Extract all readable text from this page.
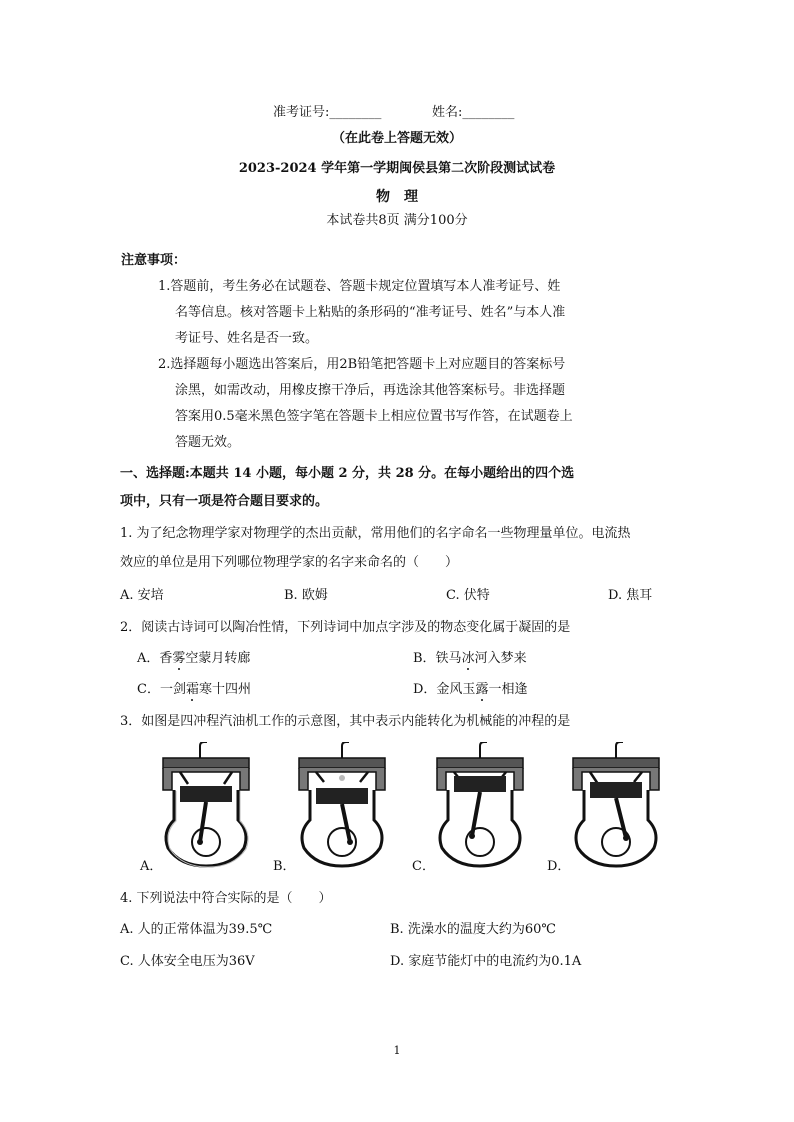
准考证号:________	姓名:________
（在此卷上答题无效）
2023-2024 学年第一学期闽侯县第二次阶段测试试卷
物　理
本试卷共8页 满分100分
注意事项：
1.答题前，考生务必在试题卷、答题卡规定位置填写本人准考证号、姓
名等信息。核对答题卡上粘贴的条形码的“准考证号、姓名”与本人准
考证号、姓名是否一致。
2.选择题每小题选出答案后，用2B铅笔把答题卡上对应题目的答案标号
涂黑，如需改动，用橡皮擦干净后，再选涂其他答案标号。非选择题
答案用0.5毫米黑色签字笔在答题卡上相应位置书写作答，在试题卷上
答题无效。
一、选择题:本题共 14 小题，每小题 2 分，共 28 分。在每小题给出的四个选
项中，只有一项是符合题目要求的。
1. 为了纪念物理学家对物理学的杰出贡献，常用他们的名字命名一些物理量单位。电流热
效应的单位是用下列哪位物理学家的名字来命名的（　　）
A. 安培	B. 欧姆	C. 伏特	D. 焦耳
2．阅读古诗词可以陶冶性情，下列诗词中加点字涉及的物态变化属于凝固的是
A．香雾空蒙月转廊	B．铁马冰河入梦来
C．一剑霜寒十四州	D．金风玉露一相逢
3．如图是四冲程汽油机工作的示意图，其中表示内能转化为机械能的冲程的是
A．	B．	C．	D．
4. 下列说法中符合实际的是（　　）
A. 人的正常体温为39.5℃	B. 洗澡水的温度大约为60℃
C. 人体安全电压为36V	D. 家庭节能灯中的电流约为0.1A
1
